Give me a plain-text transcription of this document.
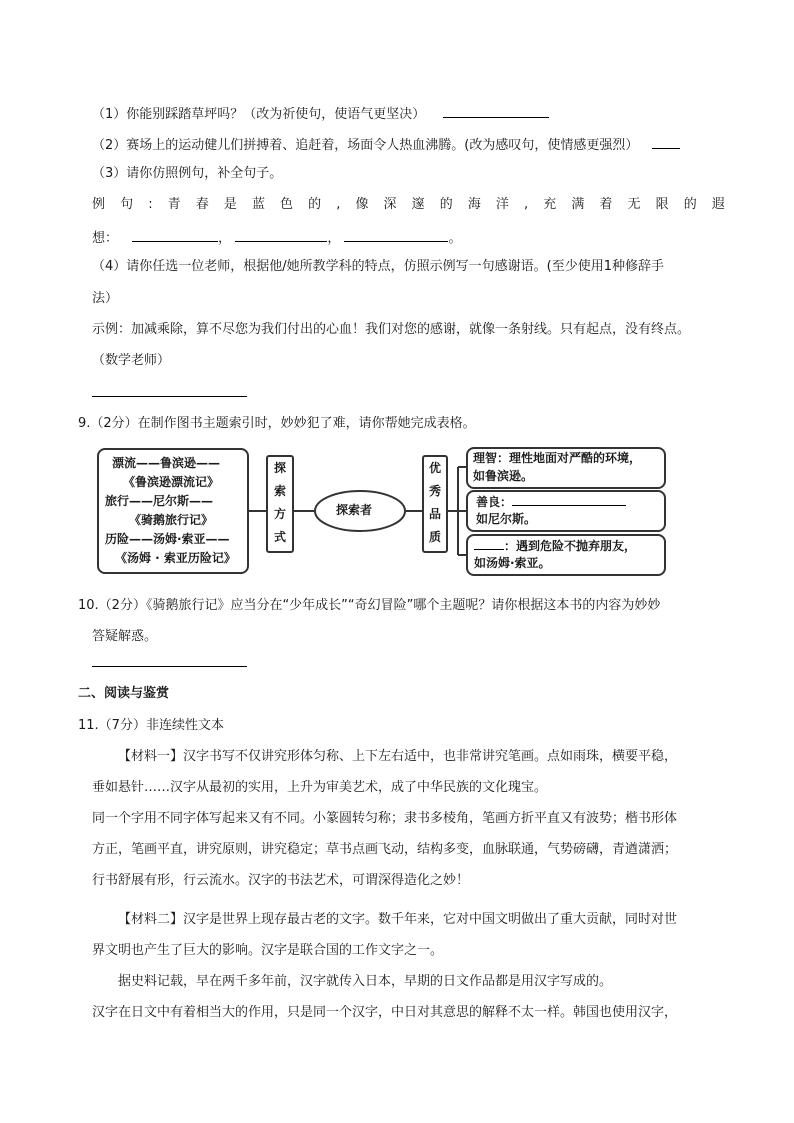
（1）你能别踩踏草坪吗？（改为祈使句，使语气更坚决）
（2）赛场上的运动健儿们拼搏着、追赶着，场面令人热血沸腾。(改为感叹句，使情感更强烈）
（3）请你仿照例句，补全句子。
例 句 : 青 春 是 蓝 色 的 , 像 深 邃 的 海 洋 , 充 满 着 无 限 的 遐
想：	，	，	。
（4）请你任选一位老师，根据他/她所教学科的特点，仿照示例写一句感谢语。(至少使用1种修辞手
法）
示例：加减乘除，算不尽您为我们付出的心血！我们对您的感谢，就像一条射线。只有起点，没有终点。
（数学老师）
9.（2分）在制作图书主题索引时，妙妙犯了难，请你帮她完成表格。
漂流——鲁滨逊——
《鲁滨逊漂流记》
旅行——尼尔斯——
《骑鹅旅行记》
历险——汤姆·索亚——
《汤姆 · 索亚历险记》
探
索
方
式
探索者
优
秀
品
质
理智：理性地面对严酷的环境，
如鲁滨逊。
善良：
如尼尔斯。
：遇到危险不抛弃朋友，
如汤姆·索亚。
10.（2分）《骑鹅旅行记》应当分在“少年成长”“奇幻冒险”哪个主题呢？请你根据这本书的内容为妙妙
答疑解惑。
二、阅读与鉴赏
11.（7分）非连续性文本
【材料一】汉字书写不仅讲究形体匀称、上下左右适中，也非常讲究笔画。点如雨珠，横要平稳，
垂如悬针……汉字从最初的实用，上升为审美艺术，成了中华民族的文化瑰宝。
同一个字用不同字体写起来又有不同。小篆圆转匀称；隶书多棱角，笔画方折平直又有波势；楷书形体
方正，笔画平直，讲究原则，讲究稳定；草书点画飞动，结构多变，血脉联通，气势磅礴，青遒潇洒；
行书舒展有形，行云流水。汉字的书法艺术，可谓深得造化之妙！
【材料二】汉字是世界上现存最古老的文字。数千年来，它对中国文明做出了重大贡献，同时对世
界文明也产生了巨大的影响。汉字是联合国的工作文字之一。
据史料记载，早在两千多年前，汉字就传入日本，早期的日文作品都是用汉字写成的。
汉字在日文中有着相当大的作用，只是同一个汉字，中日对其意思的解释不太一样。韩国也使用汉字，
